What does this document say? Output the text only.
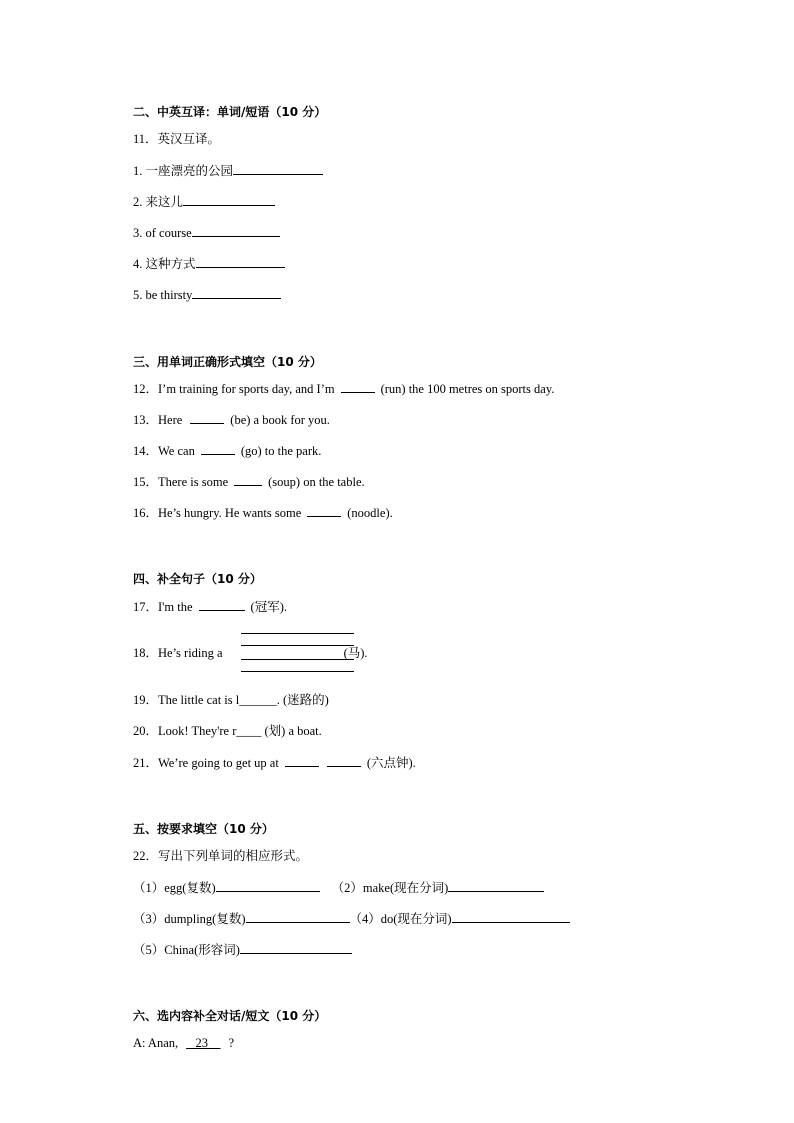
二、中英互译：单词/短语（10 分）
11．英汉互译。
1. 一座漂亮的公园
2. 来这儿
3. of course
4. 这种方式
5. be thirsty
三、用单词正确形式填空（10 分）
12．I’m training for sports day, and I’m	(run) the 100 metres on sports day.
13．Here	(be) a book for you.
14．We can	(go) to the park.
15．There is some	(soup) on the table.
16．He’s hungry. He wants some	(noodle).
四、补全句子（10 分）
17．I'm the	(冠军).
18．He’s riding a	(马).
19．The little cat is l______. (迷路的)
20．Look! They're r____ (划) a boat.
21．We’re going to get up at	(六点钟).
五、按要求填空（10 分）
22．写出下列单词的相应形式。
（1）egg(复数)	（2）make(现在分词)
（3）dumpling(复数)	（4）do(现在分词)
（5）China(形容词)
六、选内容补全对话/短文（10 分）
A: Anan, 23 ?
